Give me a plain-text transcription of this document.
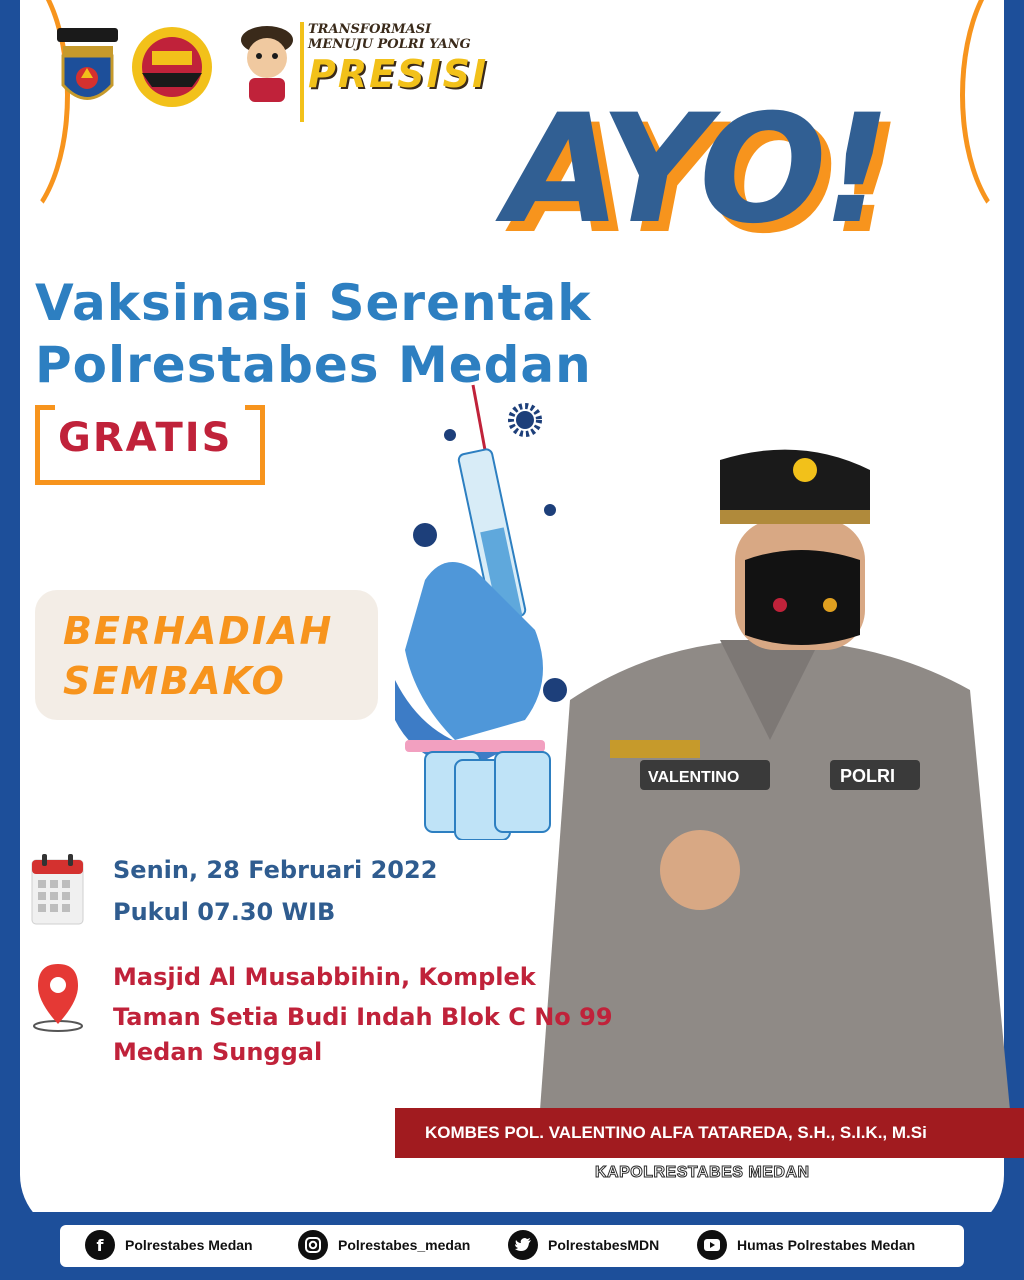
TRANSFORMASI
MENUJU POLRI YANG
PRESISI
AYO!
Vaksinasi Serentak
Polrestabes Medan
GRATIS
BERHADIAH
SEMBAKO
POLRI
VALENTINO
Senin, 28 Februari 2022
Pukul 07.30 WIB
Masjid Al Musabbihin, Komplek
Taman Setia Budi Indah Blok C No 99
Medan Sunggal
KOMBES POL. VALENTINO ALFA TATAREDA, S.H., S.I.K., M.Si
KAPOLRESTABES MEDAN
f	Polrestabes Medan	Polrestabes_medan	PolrestabesMDN	Humas Polrestabes Medan
